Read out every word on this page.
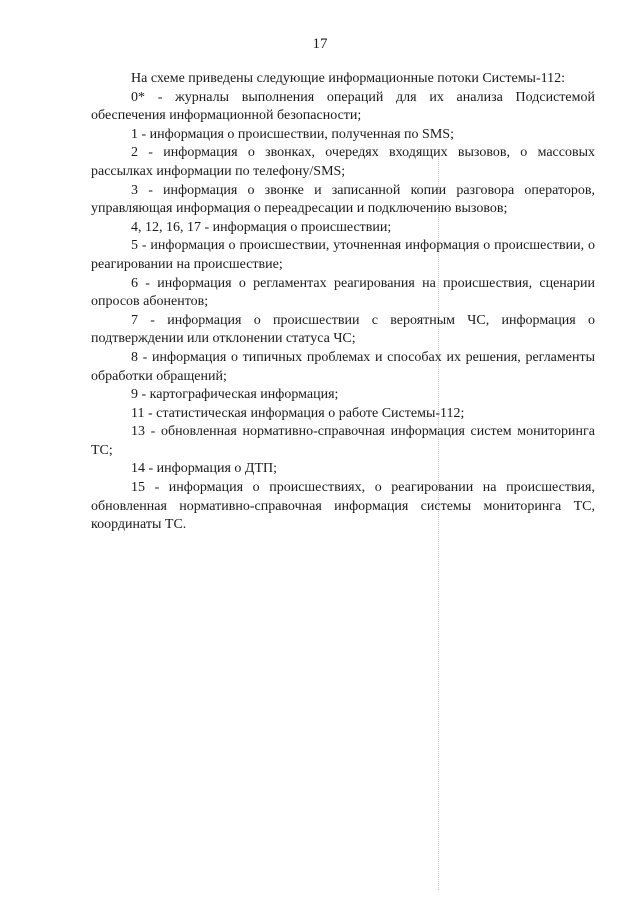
17

На схеме приведены следующие информационные потоки Системы-112:

0* - журналы выполнения операций для их анализа Подсистемой обеспечения информационной безопасности;

1 - информация о происшествии, полученная по SMS;

2 - информация о звонках, очередях входящих вызовов, о массовых рассылках информации по телефону/SMS;

3 - информация о звонке и записанной копии разговора операторов, управляющая информация о переадресации и подключению вызовов;

4, 12, 16, 17 - информация о происшествии;

5 - информация о происшествии, уточненная информация о происшествии, о реагировании на происшествие;

6 - информация о регламентах реагирования на происшествия, сценарии опросов абонентов;

7 - информация о происшествии с вероятным ЧС, информация о подтверждении или отклонении статуса ЧС;

8 - информация о типичных проблемах и способах их решения, регламенты обработки обращений;

9 - картографическая информация;

11 - статистическая информация о работе Системы-112;

13 - обновленная нормативно-справочная информация систем мониторинга ТС;

14 - информация о ДТП;

15 - информация о происшествиях, о реагировании на происшествия, обновленная нормативно-справочная информация системы мониторинга ТС, координаты ТС.
